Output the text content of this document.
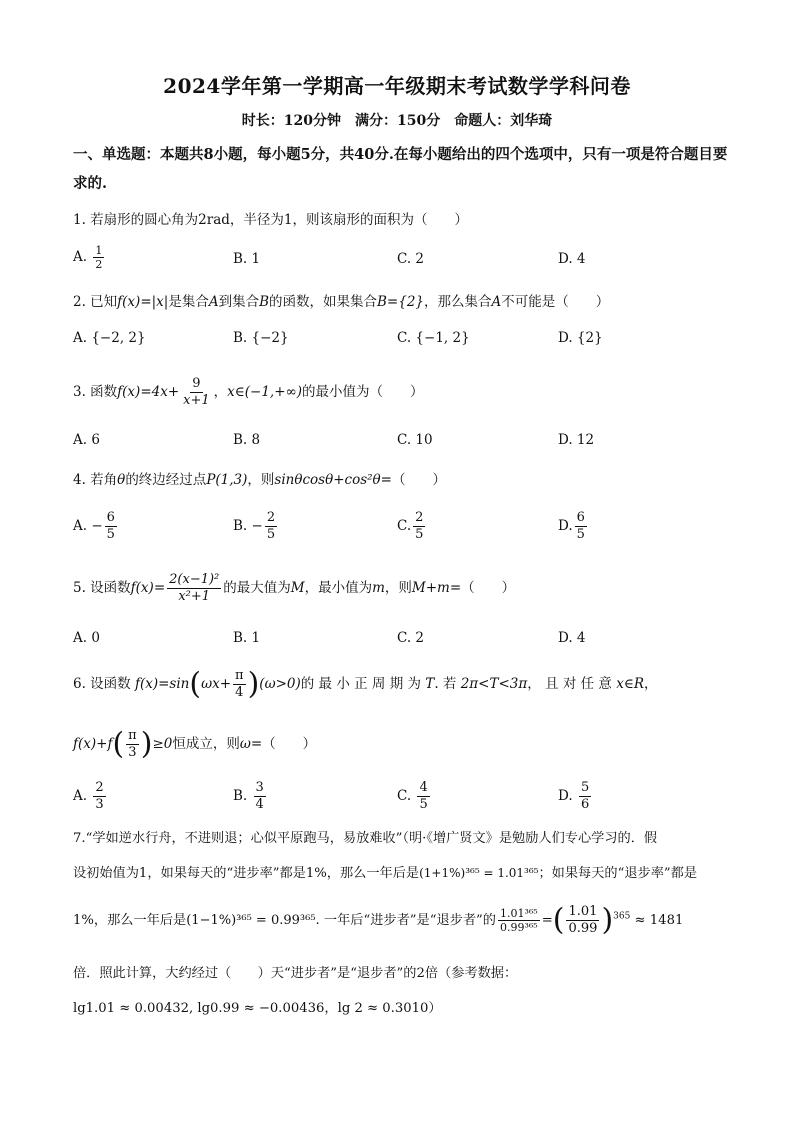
2024学年第一学期高一年级期末考试数学学科问卷
时长：120分钟　满分：150分　命题人：刘华琦
一、单选题：本题共8小题，每小题5分，共40分.在每小题给出的四个选项中，只有一项是符合题目要求的.
1. 若扇形的圆心角为2rad，半径为1，则该扇形的面积为（　　）
A. $\frac{1}{2}$	B. 1	C. 2	D. 4
2. 已知f(x)=|x|是集合A到集合B的函数，如果集合B={2}，那么集合A不可能是（　　）
A. {−2, 2}	B. {−2}	C. {−1, 2}	D. {2}
3. 函数$f(x)=4x+ \frac{9}{x+1}$ ，x∈(−1,+∞)的最小值为（　　）
A. 6	B. 8	C. 10	D. 12
4. 若角θ的终边经过点P(1,3)，则sinθcosθ+cos²θ=（　　）
A. − $\frac{6}{5}$	B. − $\frac{2}{5}$	C. $\frac{2}{5}$	D. $\frac{6}{5}$
5. 设函数$f(x)= \frac{\text{2(x−1)²}}{\text{x²+1}}$ 的最大值为M，最小值为m，则M+m=（　　）
A. 0	B. 1	C. 2	D. 4
6. 设函数 $f(x)=\sin(\omega x+ \frac{\pi}{4} )(\omega>0)$的 最 小 正 周 期 为 T. 若 2π<T<3π， 且 对 任 意 x∈R，
$f(x)+f( \frac{\pi}{3} )\ge 0$恒成立，则ω=（　　）
A. $\frac{2}{3}$	B. $\frac{3}{4}$	C. $\frac{4}{5}$	D. $\frac{5}{6}$
7.“学如逆水行舟，不进则退；心似平原跑马，易放难收”（明·《增广贤文》是勉励人们专心学习的．假
设初始值为1，如果每天的“进步率”都是1%，那么一年后是(1+1%)³⁶⁵ = 1.01³⁶⁵；如果每天的“退步率”都是
1%，那么一年后是(1−1%)³⁶⁵ = 0.99³⁶⁵. 一年后“进步者”是“退步者”的 $\frac{\text{1.01³⁶⁵}}{\text{0.99³⁶⁵}}$ =( $\frac{1.01}{0.99} )^{365} \approx 1481$
倍．照此计算，大约经过（　　）天“进步者”是“退步者”的2倍（参考数据：
lg1.01 ≈ 0.00432, lg0.99 ≈ −0.00436，lg 2 ≈ 0.3010）
